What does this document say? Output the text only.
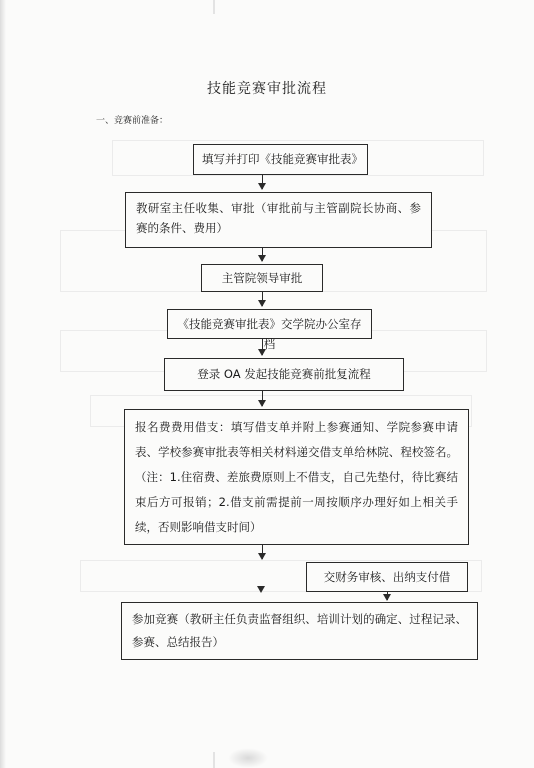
技能竞赛审批流程
一、竞赛前准备：
填写并打印《技能竞赛审批表》
教研室主任收集、审批（审批前与主管副院长协商、参赛的条件、费用）
主管院领导审批
《技能竞赛审批表》交学院办公室存档
登录 OA 发起技能竞赛前批复流程
报名费费用借支：填写借支单并附上参赛通知、学院参赛申请表、学校参赛审批表等相关材料递交借支单给林院、程校签名。（注：1.住宿费、差旅费原则上不借支，自己先垫付，待比赛结束后方可报销；2.借支前需提前一周按顺序办理好如上相关手续，否则影响借支时间）
交财务审核、出纳支付借
参加竞赛（教研主任负责监督组织、培训计划的确定、过程记录、参赛、总结报告）
